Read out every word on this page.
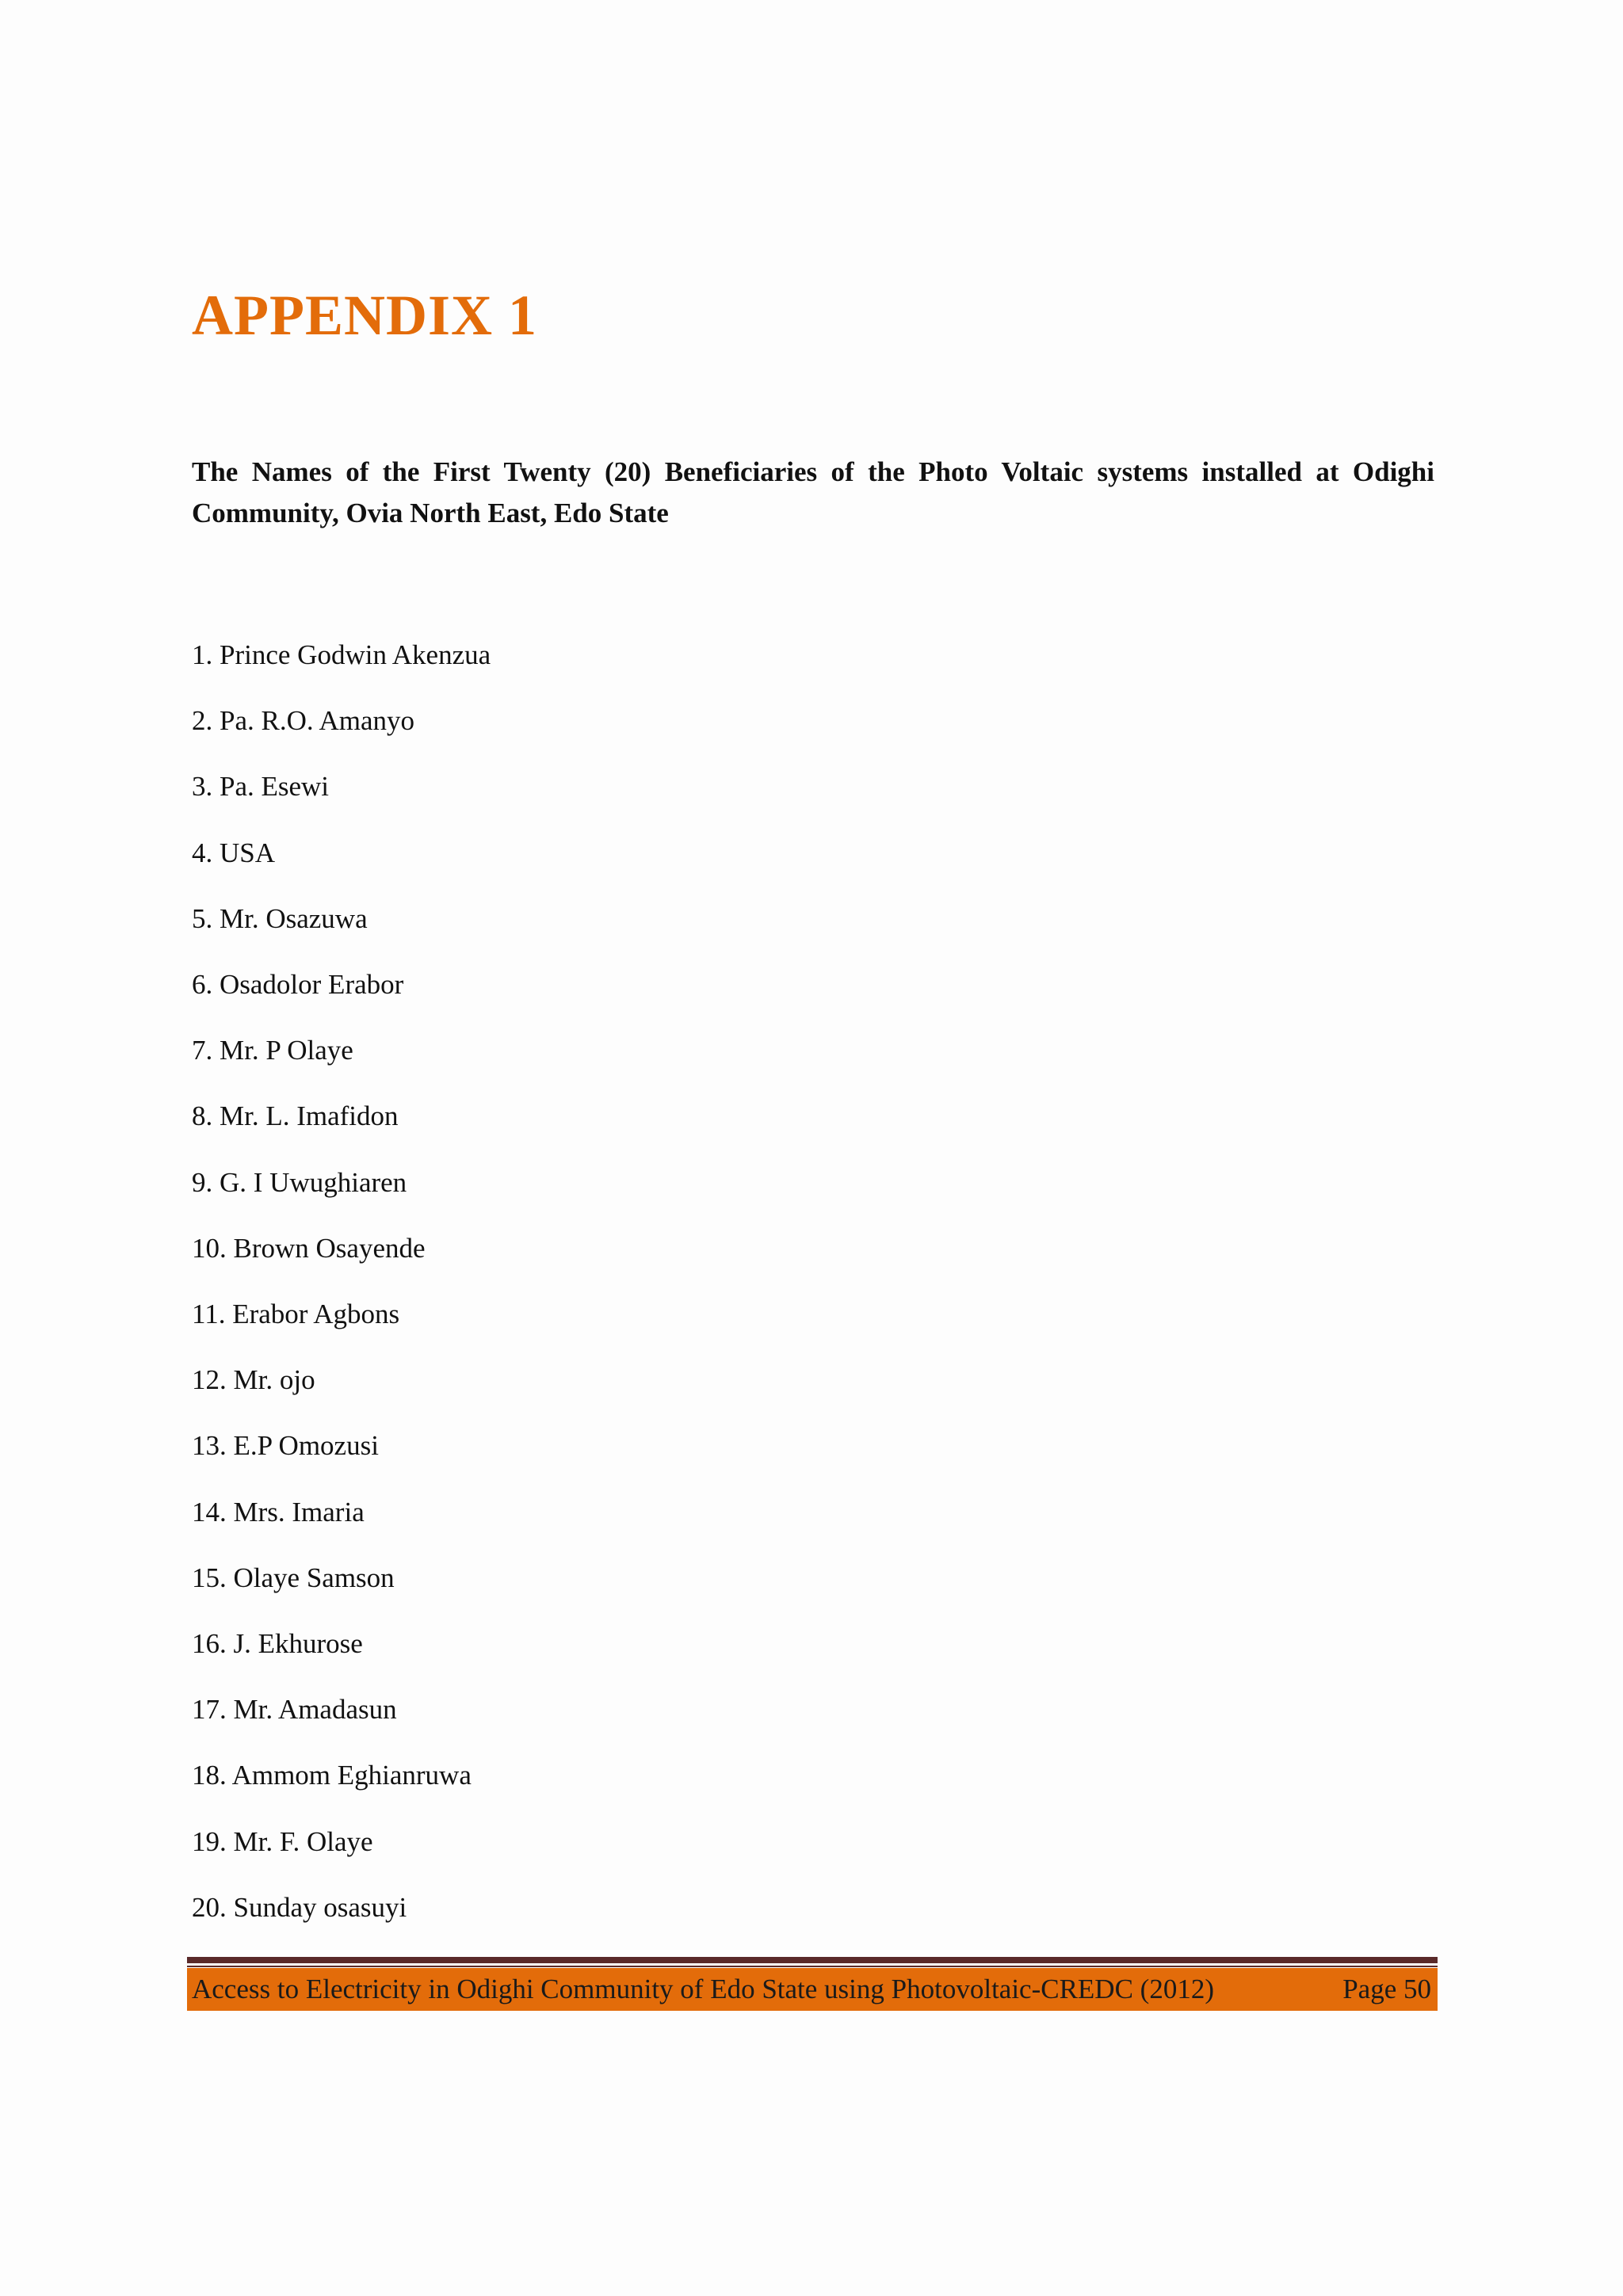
APPENDIX 1

The Names of the First Twenty (20) Beneficiaries of the Photo Voltaic systems installed at Odighi Community, Ovia North East, Edo State

1. Prince Godwin Akenzua
2. Pa. R.O. Amanyo
3. Pa. Esewi
4. USA
5. Mr. Osazuwa
6. Osadolor Erabor
7. Mr. P Olaye
8. Mr. L. Imafidon
9. G. I Uwughiaren
10. Brown Osayende
11. Erabor Agbons
12. Mr. ojo
13. E.P Omozusi
14. Mrs. Imaria
15. Olaye Samson
16. J. Ekhurose
17. Mr. Amadasun
18. Ammom Eghianruwa
19. Mr. F. Olaye
20. Sunday osasuyi
Access to Electricity in Odighi Community of Edo State using Photovoltaic-CREDC (2012)	Page 50
